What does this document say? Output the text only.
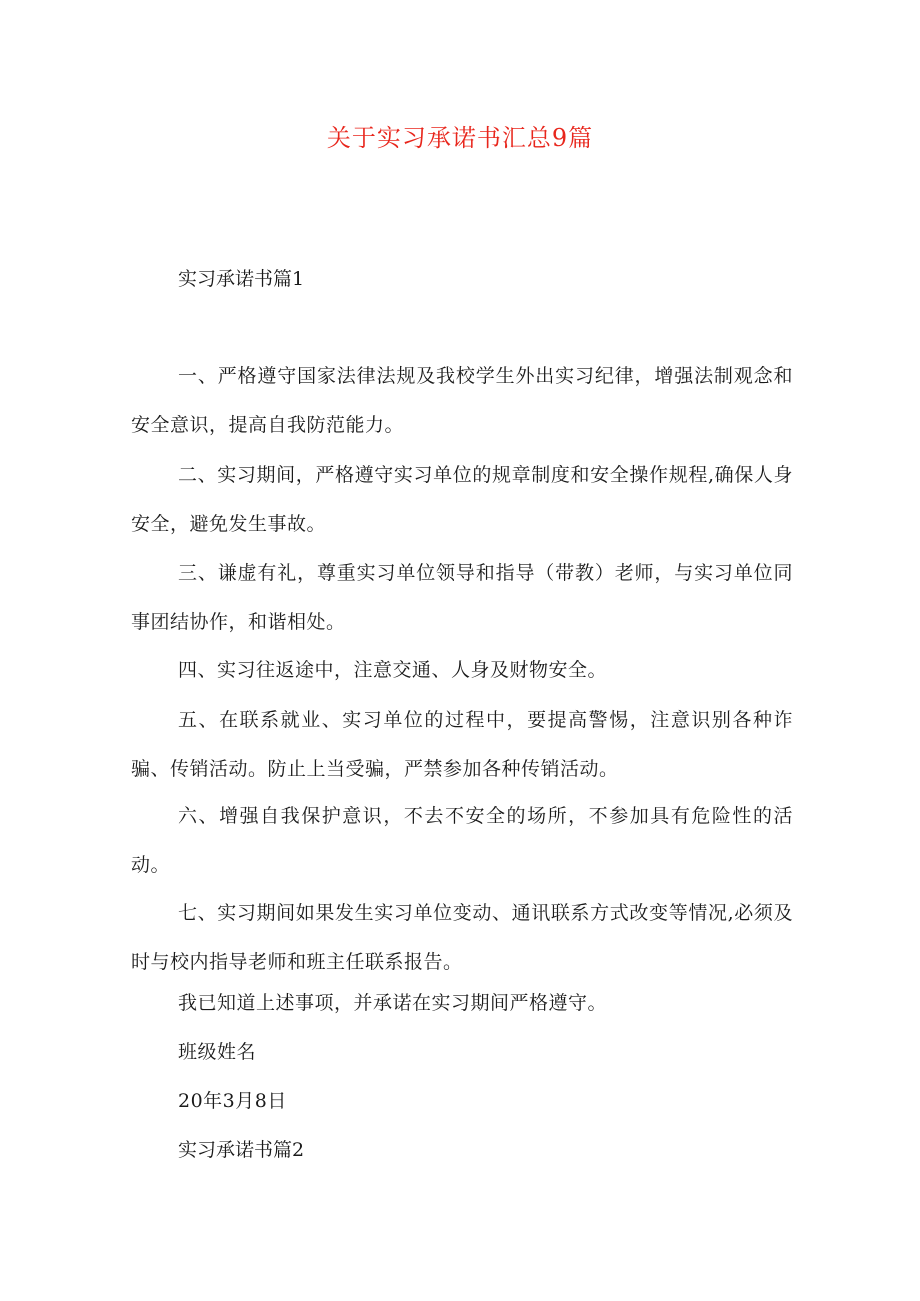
关于实习承诺书汇总9篇

实习承诺书篇1

一、严格遵守国家法律法规及我校学生外出实习纪律，增强法制观念和安全意识，提高自我防范能力。

二、实习期间，严格遵守实习单位的规章制度和安全操作规程,确保人身安全，避免发生事故。

三、谦虚有礼，尊重实习单位领导和指导（带教）老师，与实习单位同事团结协作，和谐相处。

四、实习往返途中，注意交通、人身及财物安全。

五、在联系就业、实习单位的过程中，要提高警惕，注意识别各种诈骗、传销活动。防止上当受骗，严禁参加各种传销活动。

六、增强自我保护意识，不去不安全的场所，不参加具有危险性的活动。

七、实习期间如果发生实习单位变动、通讯联系方式改变等情况,必须及时与校内指导老师和班主任联系报告。

我已知道上述事项，并承诺在实习期间严格遵守。

班级姓名

20年3月8日

实习承诺书篇2
